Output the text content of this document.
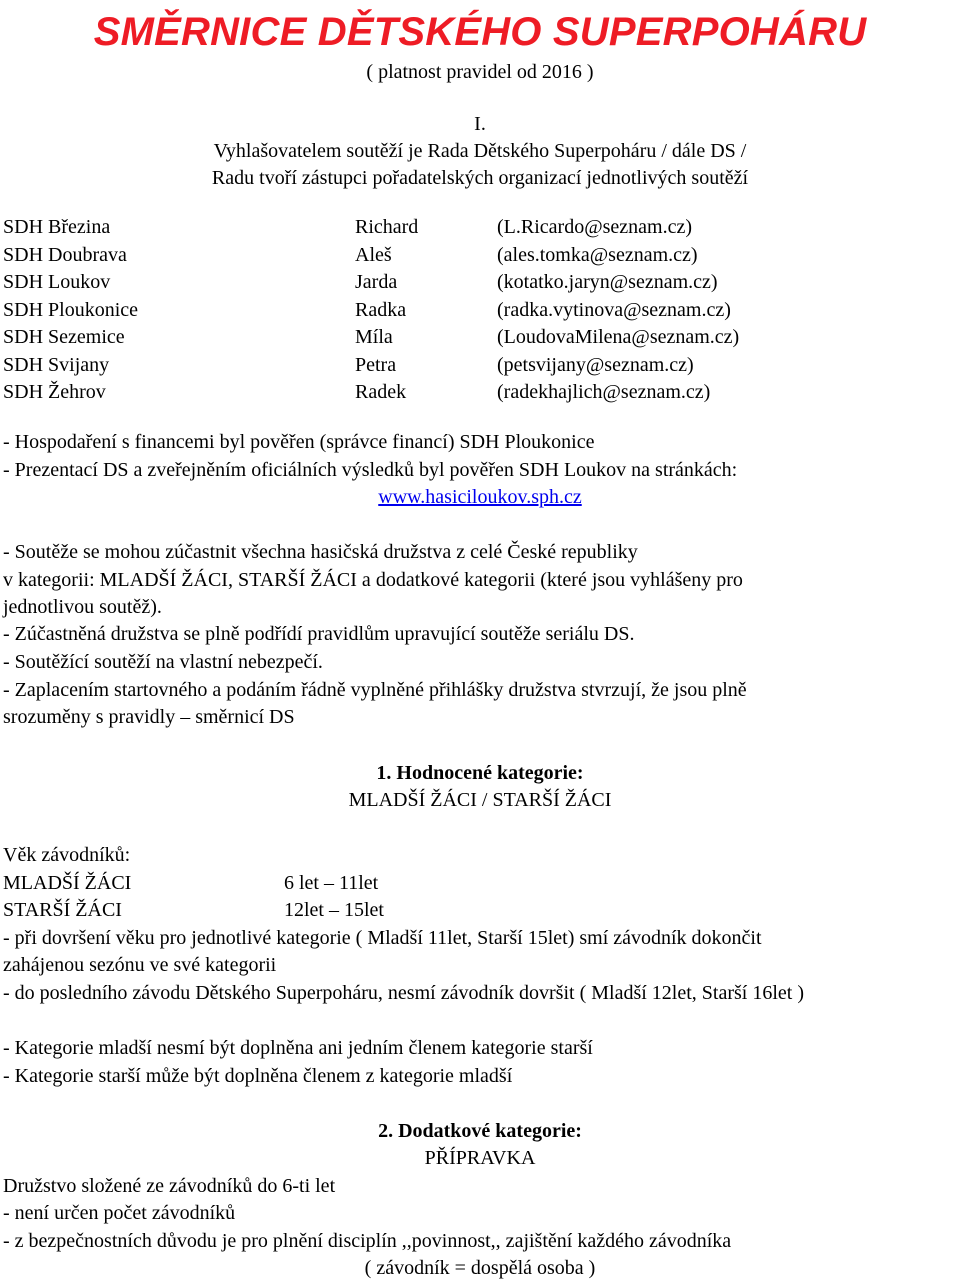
SMĚRNICE DĚTSKÉHO SUPERPOHÁRU
( platnost pravidel od 2016 )
I.
Vyhlašovatelem soutěží je Rada Dětského Superpoháru / dále DS /
Radu tvoří zástupci pořadatelských organizací jednotlivých soutěží
SDH Březina	Richard	(L.Ricardo@seznam.cz)
SDH Doubrava	Aleš	(ales.tomka@seznam.cz)
SDH Loukov	Jarda	(kotatko.jaryn@seznam.cz)
SDH Ploukonice	Radka	(radka.vytinova@seznam.cz)
SDH Sezemice	Míla	(LoudovaMilena@seznam.cz)
SDH Svijany	Petra	(petsvijany@seznam.cz)
SDH Žehrov	Radek	(radekhajlich@seznam.cz)
- Hospodaření s financemi byl pověřen (správce financí) SDH Ploukonice
- Prezentací DS a zveřejněním oficiálních výsledků byl pověřen SDH Loukov na stránkách:
www.hasiciloukov.sph.cz
- Soutěže se mohou zúčastnit všechna hasičská družstva z celé České republiky
v kategorii: MLADŠÍ ŽÁCI, STARŠÍ ŽÁCI a dodatkové kategorii (které jsou vyhlášeny pro
jednotlivou soutěž).
- Zúčastněná družstva se plně podřídí pravidlům upravující soutěže seriálu DS.
- Soutěžící soutěží na vlastní nebezpečí.
- Zaplacením startovného a podáním řádně vyplněné přihlášky družstva stvrzují, že jsou plně
srozuměny s pravidly – směrnicí DS
1. Hodnocené kategorie:
MLADŠÍ ŽÁCI / STARŠÍ ŽÁCI
Věk závodníků:
MLADŠÍ ŽÁCI	6 let – 11let
STARŠÍ ŽÁCI	12let – 15let
- při dovršení věku pro jednotlivé kategorie ( Mladší 11let, Starší 15let) smí závodník dokončit
zahájenou sezónu ve své kategorii
- do posledního závodu Dětského Superpoháru, nesmí závodník dovršit ( Mladší 12let, Starší 16let )
- Kategorie mladší nesmí být doplněna ani jedním členem kategorie starší
- Kategorie starší může být doplněna členem z kategorie mladší
2. Dodatkové kategorie:
PŘÍPRAVKA
Družstvo složené ze závodníků do 6-ti let
- není určen počet závodníků
- z bezpečnostních důvodu je pro plnění disciplín ,,povinnost,, zajištění každého závodníka
( závodník = dospělá osoba )
